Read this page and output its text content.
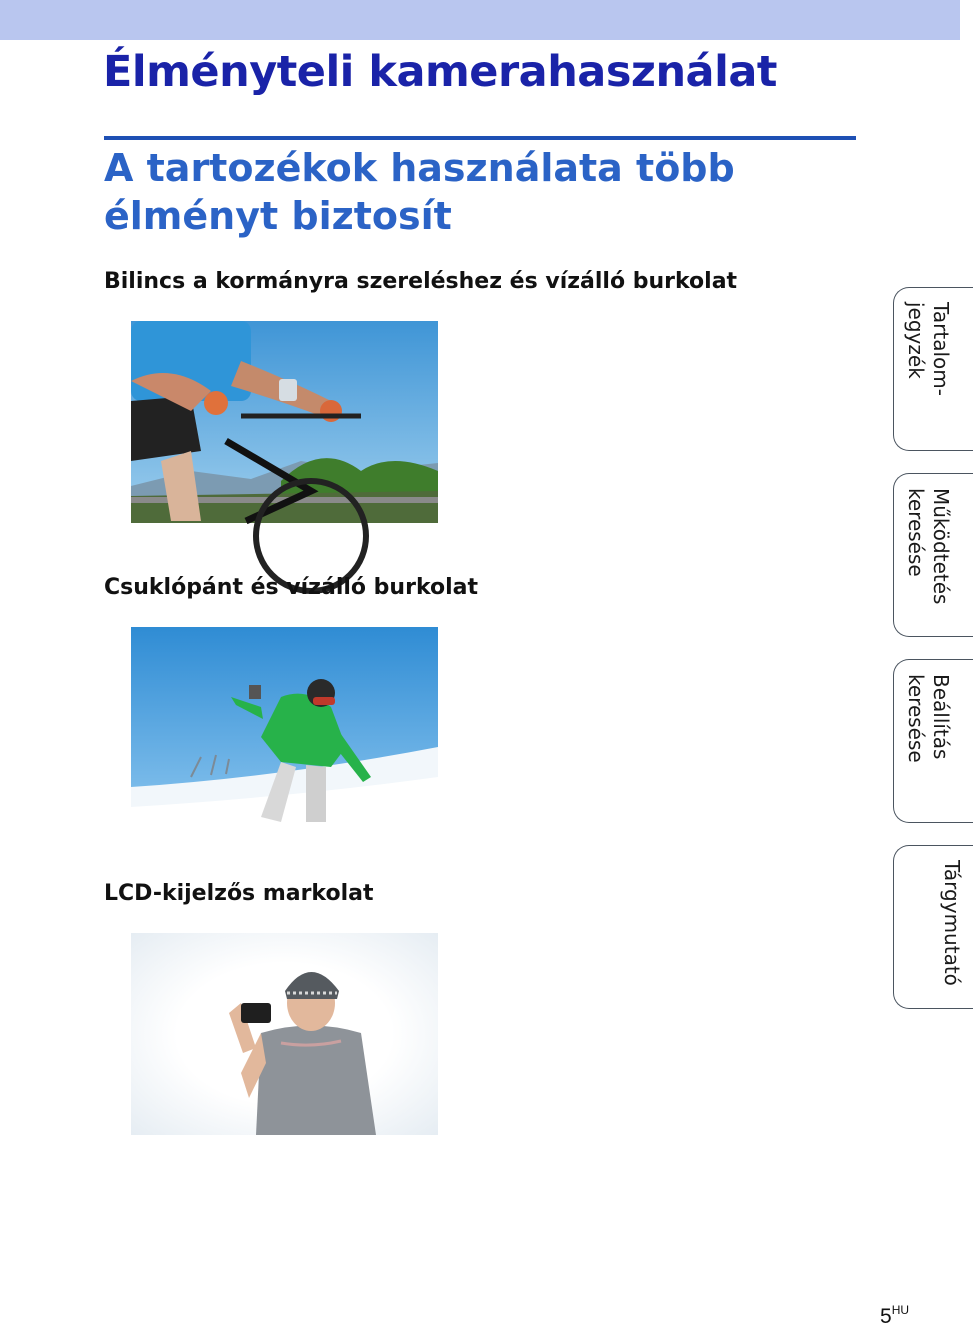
Élményteli kamerahasználat
A tartozékok használata több élményt biztosít
Bilincs a kormányra szereléshez és vízálló burkolat
Csuklópánt és vízálló burkolat
LCD-kijelzős markolat
Tartalom-jegyzék
Működtetés keresése
Beállítás keresése
Tárgymutató
$5^{HU}$
